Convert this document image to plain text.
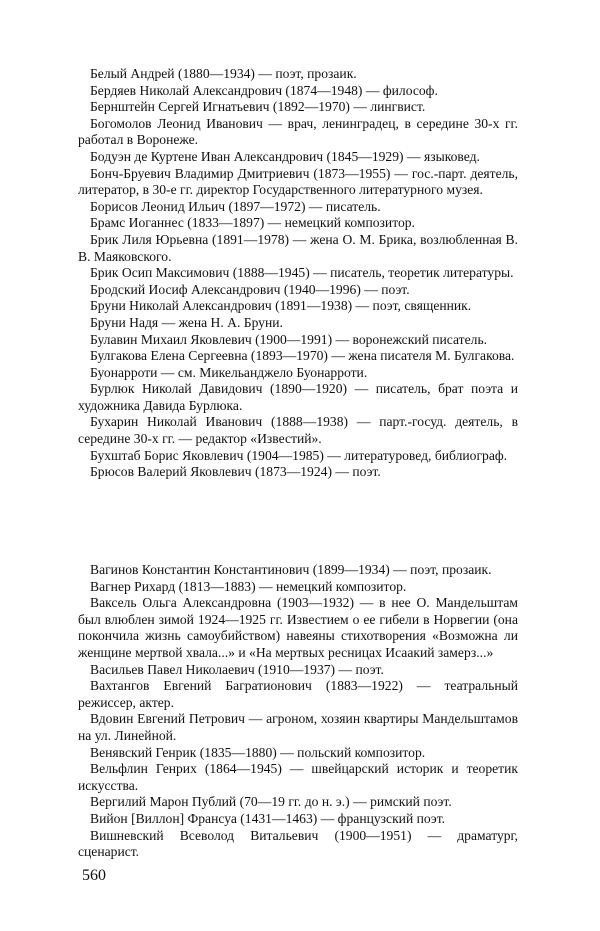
Белый Андрей (1880—1934) — поэт, прозаик.

Бердяев Николай Александрович (1874—1948) — философ.

Бернштейн Сергей Игнатьевич (1892—1970) — лингвист.

Богомолов Леонид Иванович — врач, ленинградец, в середине 30-х гг. работал в Воронеже.

Бодуэн де Куртене Иван Александрович (1845—1929) — языковед.

Бонч-Бруевич Владимир Дмитриевич (1873—1955) — гос.-парт. деятель, литератор, в 30-е гг. директор Государственного литературного музея.

Борисов Леонид Ильич (1897—1972) — писатель.

Брамс Иоганнес (1833—1897) — немецкий композитор.

Брик Лиля Юрьевна (1891—1978) — жена О. М. Брика, возлюбленная В. В. Маяковского.

Брик Осип Максимович (1888—1945) — писатель, теоретик литературы.

Бродский Иосиф Александрович (1940—1996) — поэт.

Бруни Николай Александрович (1891—1938) — поэт, священник.

Бруни Надя — жена Н. А. Бруни.

Булавин Михаил Яковлевич (1900—1991) — воронежский писатель.

Булгакова Елена Сергеевна (1893—1970) — жена писателя М. Булгакова.

Буонарроти — см. Микельанджело Буонарроти.

Бурлюк Николай Давидович (1890—1920) — писатель, брат поэта и художника Давида Бурлюка.

Бухарин Николай Иванович (1888—1938) — парт.-госуд. деятель, в середине 30-х гг. — редактор «Известий».

Бухштаб Борис Яковлевич (1904—1985) — литературовед, библиограф.

Брюсов Валерий Яковлевич (1873—1924) — поэт.

Вагинов Константин Константинович (1899—1934) — поэт, прозаик.

Вагнер Рихард (1813—1883) — немецкий композитор.

Ваксель Ольга Александровна (1903—1932) — в нее О. Мандельштам был влюблен зимой 1924—1925 гг. Известием о ее гибели в Норвегии (она покончила жизнь самоубийством) навеяны стихотворения «Возможна ли женщине мертвой хвала...» и «На мертвых ресницах Исаакий замерз...»

Васильев Павел Николаевич (1910—1937) — поэт.

Вахтангов Евгений Багратионович (1883—1922) — театральный режиссер, актер.

Вдовин Евгений Петрович — агроном, хозяин квартиры Мандельштамов на ул. Линейной.

Венявский Генрик (1835—1880) — польский композитор.

Вельфлин Генрих (1864—1945) — швейцарский историк и теоретик искусства.

Вергилий Марон Публий (70—19 гг. до н. э.) — римский поэт.

Вийон [Виллон] Франсуа (1431—1463) — французский поэт.

Вишневский Всеволод Витальевич (1900—1951) — драматург, сценарист.

560
